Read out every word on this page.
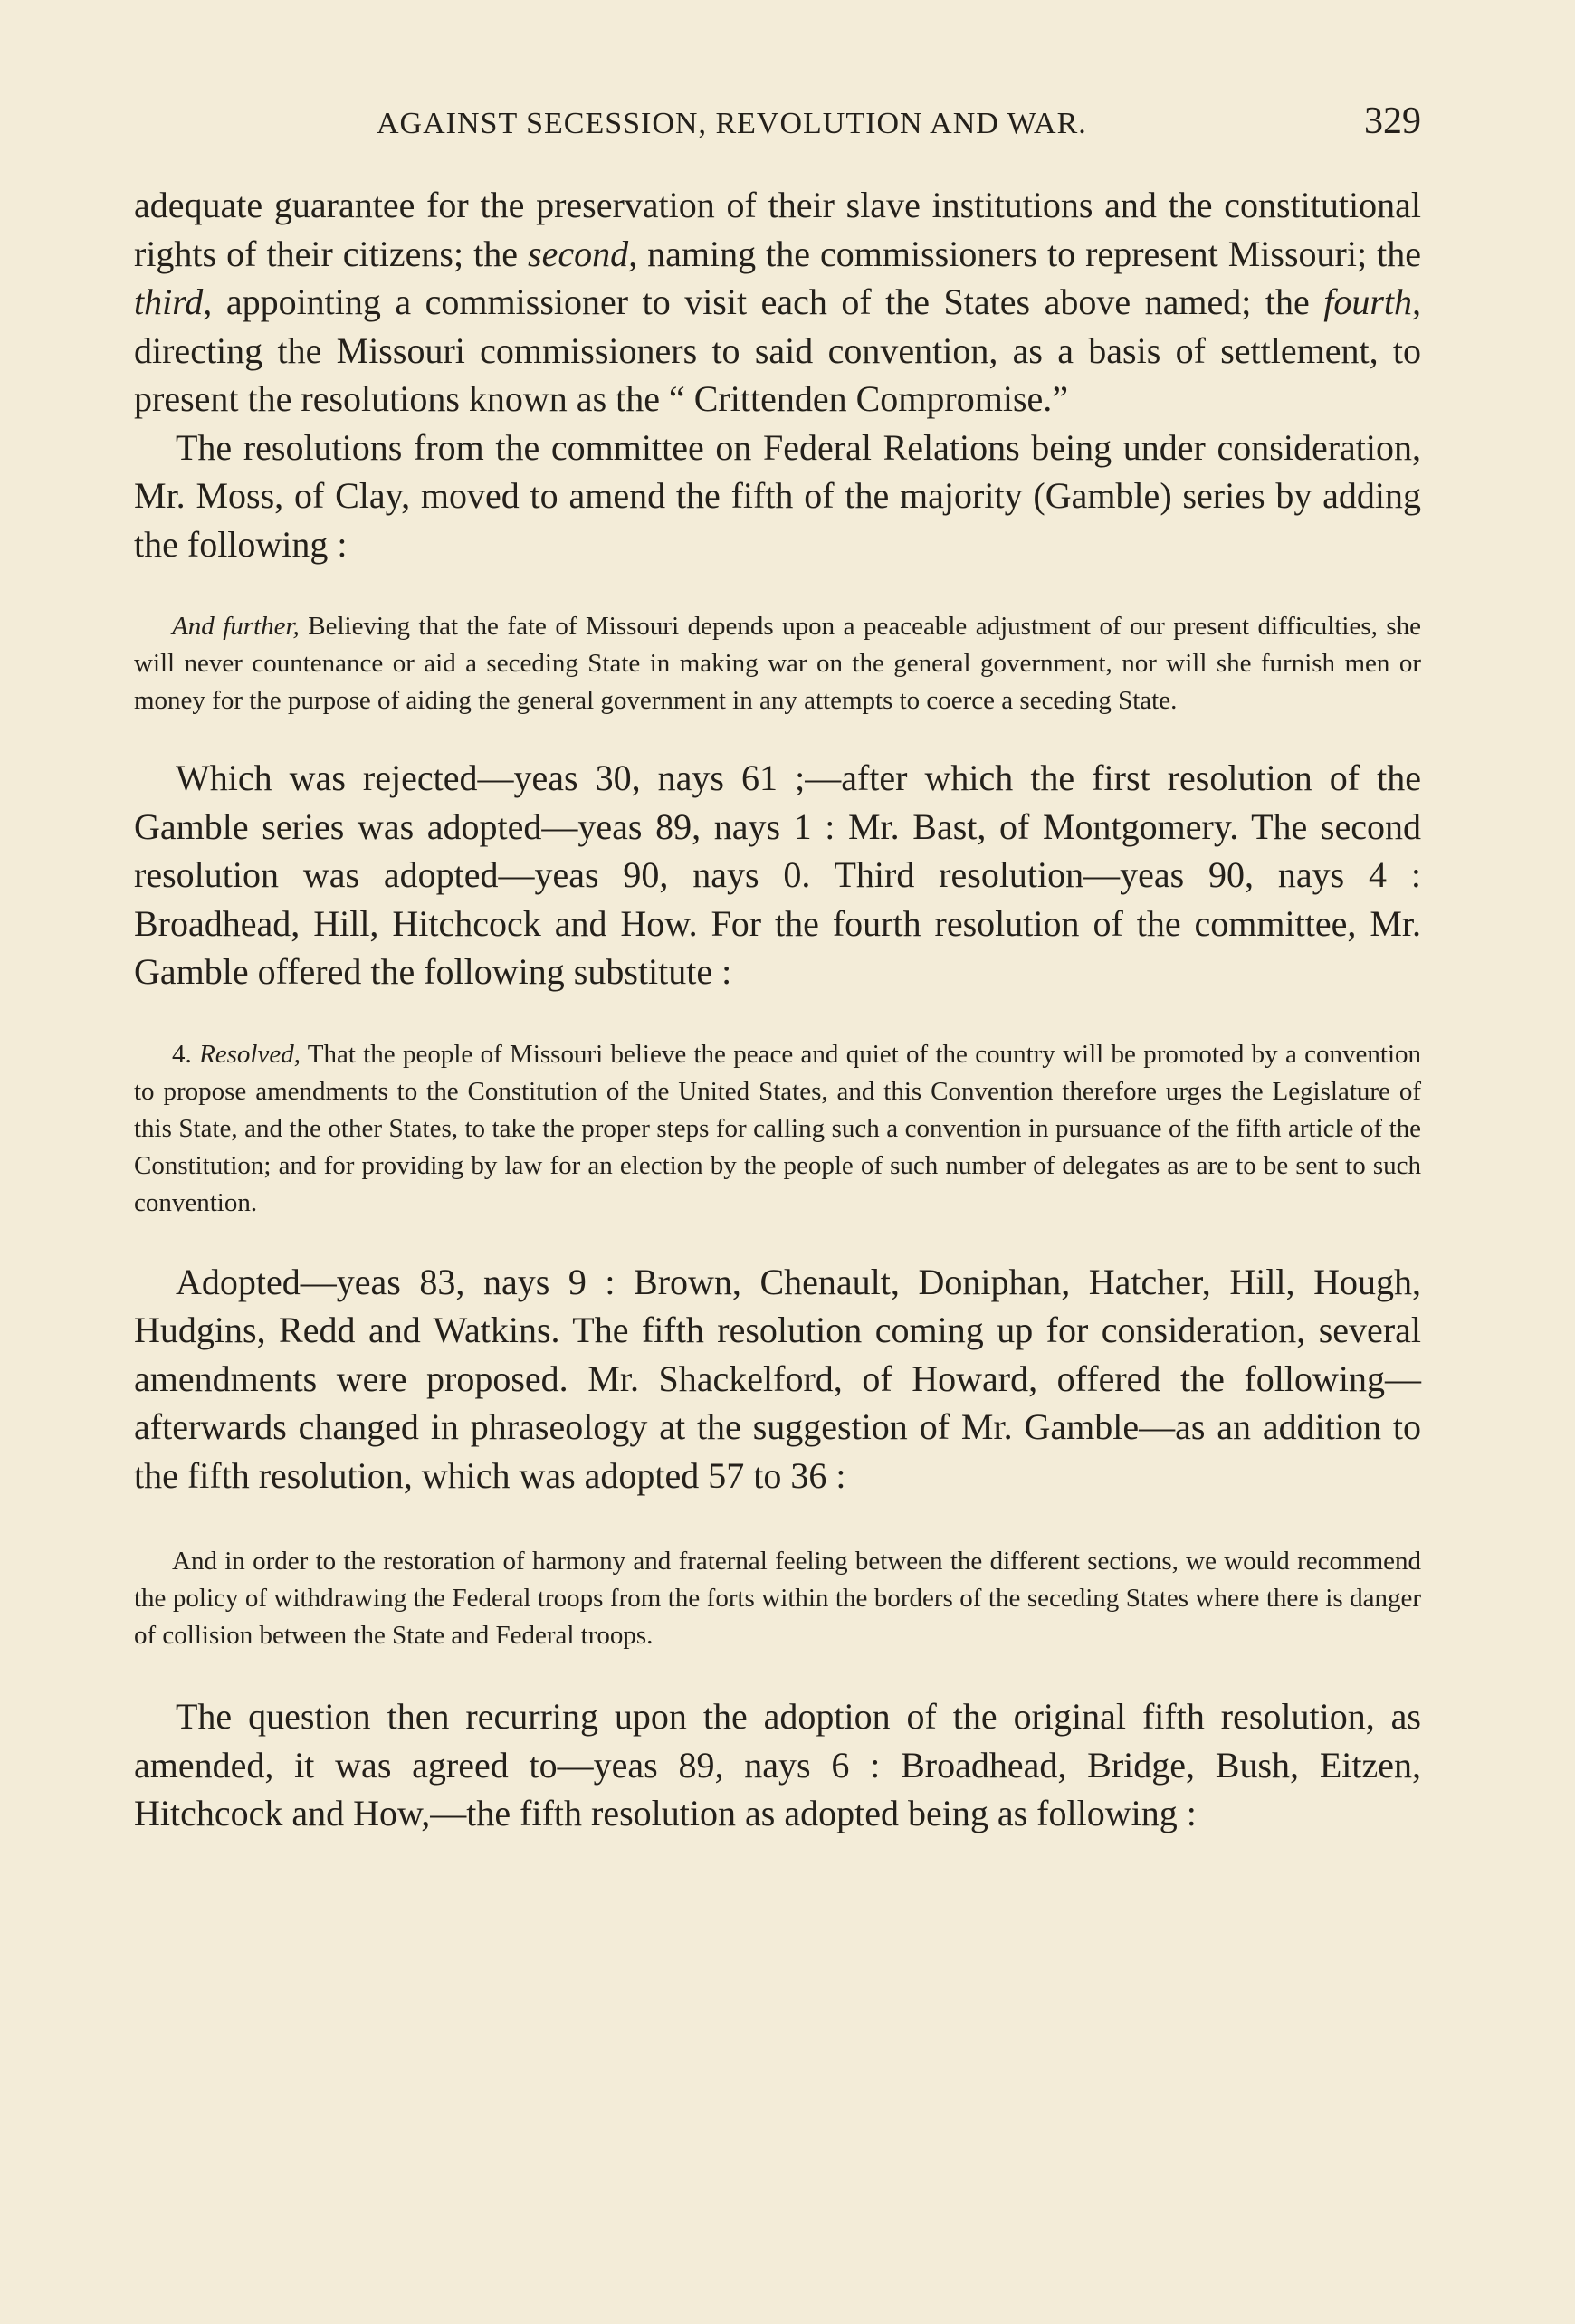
AGAINST SECESSION, REVOLUTION AND WAR.	329

adequate guarantee for the preservation of their slave institutions and the constitutional rights of their citizens; the second, naming the commissioners to represent Missouri; the third, appointing a commissioner to visit each of the States above named; the fourth, directing the Missouri commissioners to said convention, as a basis of settlement, to present the resolutions known as the “ Crittenden Compromise.”

The resolutions from the committee on Federal Relations being under consideration, Mr. Moss, of Clay, moved to amend the fifth of the majority (Gamble) series by adding the following :

And further, Believing that the fate of Missouri depends upon a peaceable adjustment of our present difficulties, she will never countenance or aid a seceding State in making war on the general government, nor will she furnish men or money for the purpose of aiding the general government in any attempts to coerce a seceding State.

Which was rejected—yeas 30, nays 61 ;—after which the first resolution of the Gamble series was adopted—yeas 89, nays 1 : Mr. Bast, of Montgomery. The second resolution was adopted—yeas 90, nays 0. Third resolution—yeas 90, nays 4 : Broadhead, Hill, Hitchcock and How. For the fourth resolution of the committee, Mr. Gamble offered the following substitute :

4. Resolved, That the people of Missouri believe the peace and quiet of the country will be promoted by a convention to propose amendments to the Constitution of the United States, and this Convention therefore urges the Legislature of this State, and the other States, to take the proper steps for calling such a convention in pursuance of the fifth article of the Constitution; and for providing by law for an election by the people of such number of delegates as are to be sent to such convention.

Adopted—yeas 83, nays 9 : Brown, Chenault, Doniphan, Hatcher, Hill, Hough, Hudgins, Redd and Watkins. The fifth resolution coming up for consideration, several amendments were proposed. Mr. Shackelford, of Howard, offered the following—afterwards changed in phraseology at the suggestion of Mr. Gamble—as an addition to the fifth resolution, which was adopted 57 to 36 :

And in order to the restoration of harmony and fraternal feeling between the different sections, we would recommend the policy of withdrawing the Federal troops from the forts within the borders of the seceding States where there is danger of collision between the State and Federal troops.

The question then recurring upon the adoption of the original fifth resolution, as amended, it was agreed to—yeas 89, nays 6 : Broadhead, Bridge, Bush, Eitzen, Hitchcock and How,—the fifth resolution as adopted being as following :
